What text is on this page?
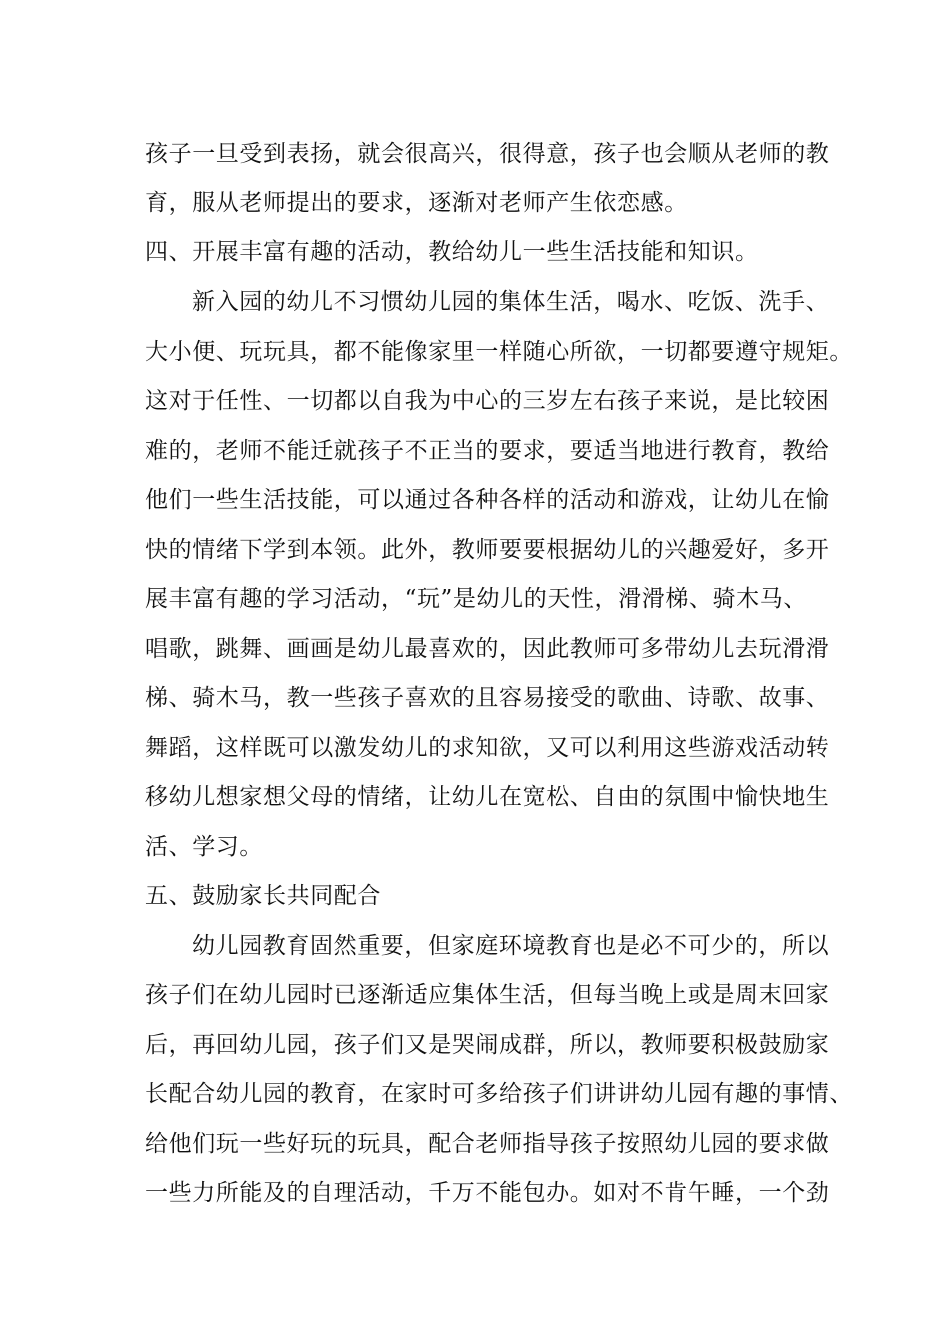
孩子一旦受到表扬，就会很高兴，很得意，孩子也会顺从老师的教
育，服从老师提出的要求，逐渐对老师产生依恋感。
四、开展丰富有趣的活动，教给幼儿一些生活技能和知识。
新入园的幼儿不习惯幼儿园的集体生活，喝水、吃饭、洗手、
大小便、玩玩具，都不能像家里一样随心所欲，一切都要遵守规矩。
这对于任性、一切都以自我为中心的三岁左右孩子来说，是比较困
难的，老师不能迁就孩子不正当的要求，要适当地进行教育，教给
他们一些生活技能，可以通过各种各样的活动和游戏，让幼儿在愉
快的情绪下学到本领。此外，教师要要根据幼儿的兴趣爱好，多开
展丰富有趣的学习活动，“玩”是幼儿的天性，滑滑梯、骑木马、
唱歌，跳舞、画画是幼儿最喜欢的，因此教师可多带幼儿去玩滑滑
梯、骑木马，教一些孩子喜欢的且容易接受的歌曲、诗歌、故事、
舞蹈，这样既可以激发幼儿的求知欲，又可以利用这些游戏活动转
移幼儿想家想父母的情绪，让幼儿在宽松、自由的氛围中愉快地生
活、学习。
五、鼓励家长共同配合
幼儿园教育固然重要，但家庭环境教育也是必不可少的，所以
孩子们在幼儿园时已逐渐适应集体生活，但每当晚上或是周末回家
后，再回幼儿园，孩子们又是哭闹成群，所以，教师要积极鼓励家
长配合幼儿园的教育，在家时可多给孩子们讲讲幼儿园有趣的事情、
给他们玩一些好玩的玩具，配合老师指导孩子按照幼儿园的要求做
一些力所能及的自理活动，千万不能包办。如对不肯午睡，一个劲
